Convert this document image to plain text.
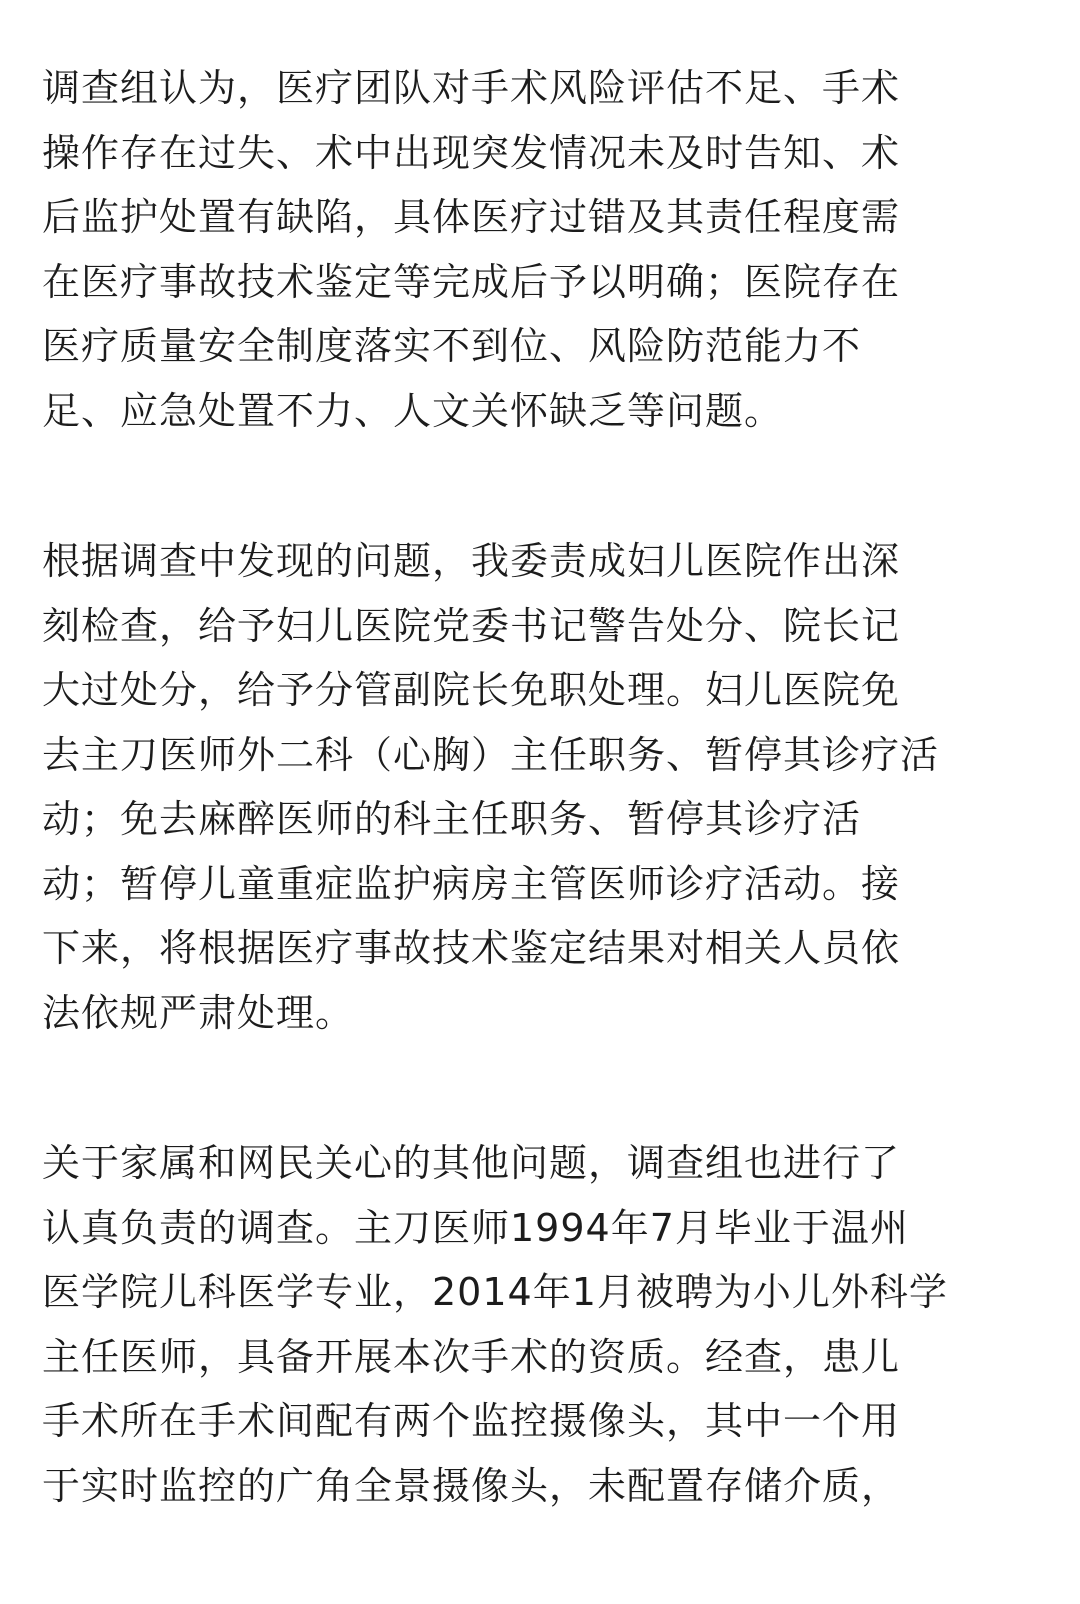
调查组认为，医疗团队对手术风险评估不足、手术
操作存在过失、术中出现突发情况未及时告知、术
后监护处置有缺陷，具体医疗过错及其责任程度需
在医疗事故技术鉴定等完成后予以明确；医院存在
医疗质量安全制度落实不到位、风险防范能力不
足、应急处置不力、人文关怀缺乏等问题。
根据调查中发现的问题，我委责成妇儿医院作出深
刻检查，给予妇儿医院党委书记警告处分、院长记
大过处分，给予分管副院长免职处理。妇儿医院免
去主刀医师外二科（心胸）主任职务、暂停其诊疗活
动；免去麻醉医师的科主任职务、暂停其诊疗活
动；暂停儿童重症监护病房主管医师诊疗活动。接
下来，将根据医疗事故技术鉴定结果对相关人员依
法依规严肃处理。
关于家属和网民关心的其他问题，调查组也进行了
认真负责的调查。主刀医师1994年7月毕业于温州
医学院儿科医学专业，2014年1月被聘为小儿外科学
主任医师，具备开展本次手术的资质。经查，患儿
手术所在手术间配有两个监控摄像头，其中一个用
于实时监控的广角全景摄像头，未配置存储介质，
